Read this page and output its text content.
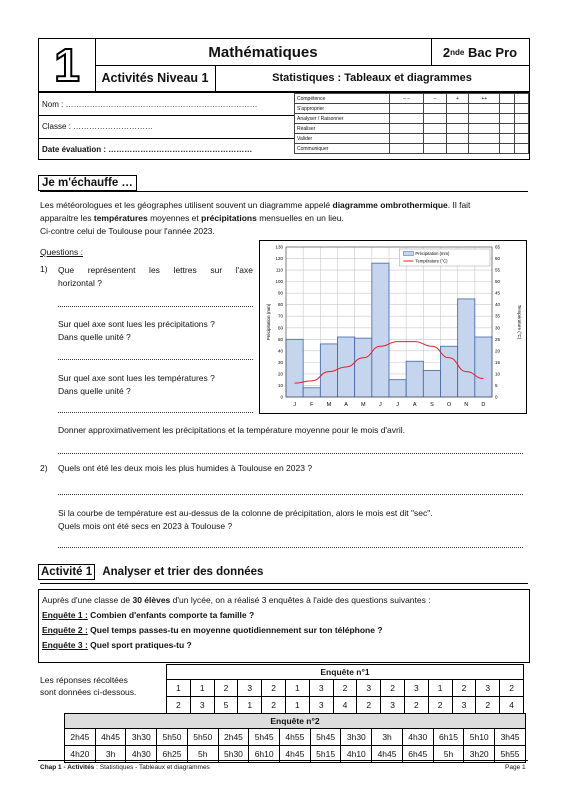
1	Mathématiques	2 nde
Bac Pro
Activités Niveau 1	Statistiques : Tableaux et diagrammes
Nom : ………………………………………………………………
Classe : …………………………
Date évaluation : ………………………………………………
Compétence	– –	–	+	++		
S'approprier						
Analyser / Raisonner						
Réaliser						
Valider						
Communiquer						
Je m'échauffe …
Les météorologues et les géographes utilisent souvent un diagramme appelé diagramme ombrothermique. Il fait
apparaitre les températures moyennes et précipitations mensuelles en un lieu.
Ci-contre celui de Toulouse pour l'année 2023.
Questions :
1) Que représentent les lettres sur l'axe
horizontal ?
Sur quel axe sont lues les précipitations ?
Dans quelle unité ?
Sur quel axe sont lues les températures ?
Dans quelle unité ?
Donner approximativement les précipitations et la température moyenne pour le mois d'avril.
2) Quels ont été les deux mois les plus humides à Toulouse en 2023 ?
Si la courbe de température est au-dessus de la colonne de précipitation, alors le mois est dit "sec".
Quels mois ont été secs en 2023 à Toulouse ?
0
10
20
30
40
50
60
70
80
90
100
110
120
130
0
5
10
15
20
25
30
35
40
45
50
55
60
65
J	F M A M J	J	A S O N D
Précipitation (mm)	Température (°C)
Précipitation (mm)
Température (°C)
Activité 1 Analyser et trier des données
Auprès d'une classe de 30 élèves d'un lycée, on a réalisé 3 enquêtes à l'aide des questions suivantes :
Enquête 1 : Combien d'enfants comporte ta famille ?
Enquête 2 : Quel temps passes-tu en moyenne quotidiennement sur ton téléphone ?
Enquête 3 : Quel sport pratiques-tu ?
Les réponses récoltées
sont données ci-dessous.
Enquête n°1														
1	1	2	3	2	1	3	2	3	2	3	1	2	3	2
2	3	5	1	2	1	3	4	2	3	2	2	3	2	4
Enquête n°2														
2h45	4h45	3h30	5h50	5h50	2h45	5h45	4h55	5h45	3h30	3h	4h30	6h15	5h10	3h45
4h20	3h	4h30	6h25	5h	5h30	6h10	4h45	5h15	4h10	4h45	6h45	5h	3h20	5h55
Chap 1 - Activités : Statistiques - Tableaux et diagrammes	Page 1
